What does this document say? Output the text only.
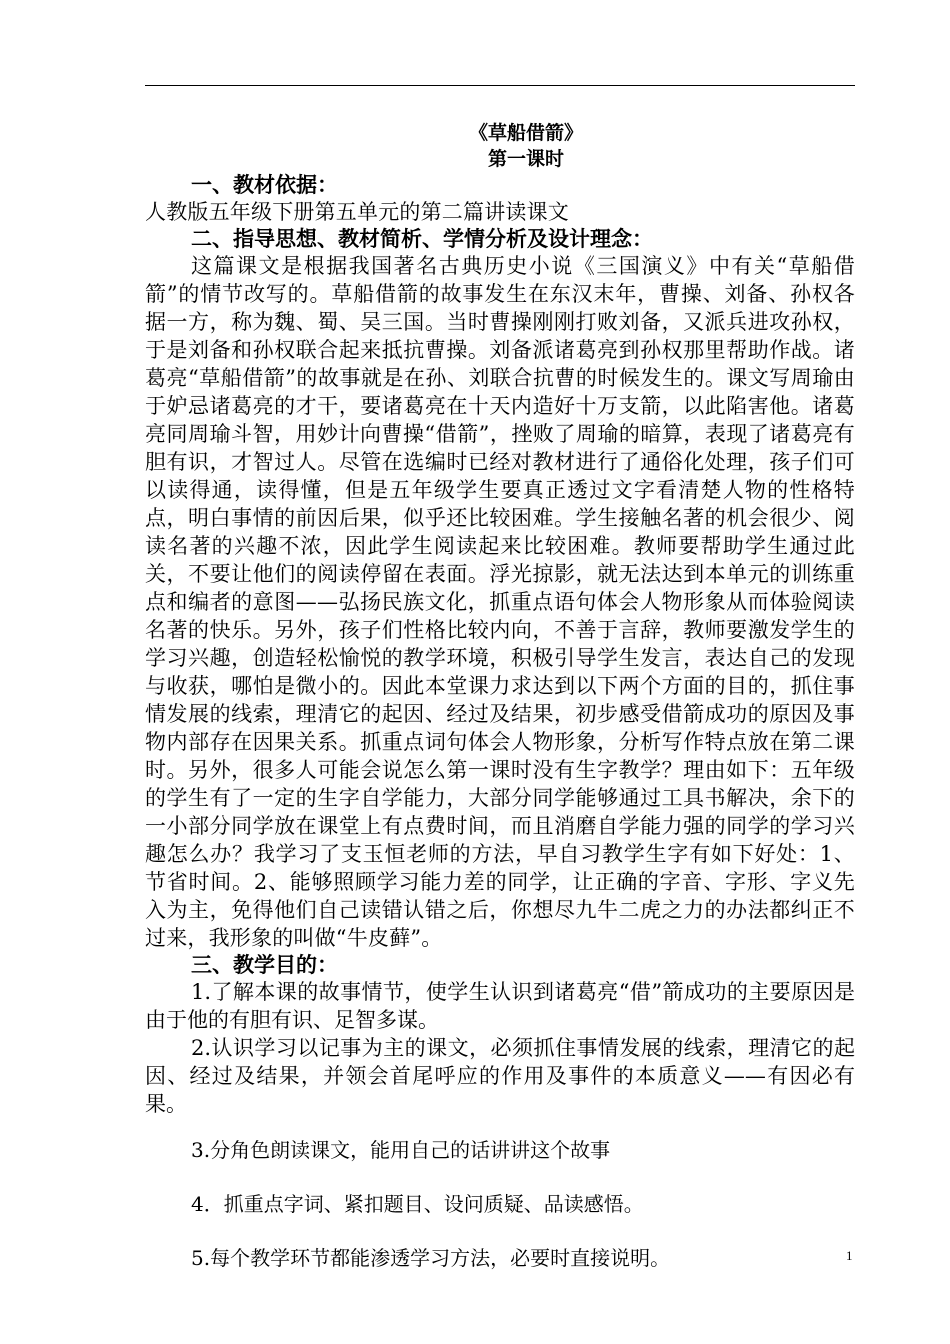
《草船借箭》

第一课时

一、教材依据：

人教版五年级下册第五单元的第二篇讲读课文

二、指导思想、教材简析、学情分析及设计理念：

这篇课文是根据我国著名古典历史小说《三国演义》中有关“草船借箭”的情节改写的。草船借箭的故事发生在东汉末年，曹操、刘备、孙权各据一方，称为魏、蜀、吴三国。当时曹操刚刚打败刘备，又派兵进攻孙权，于是刘备和孙权联合起来抵抗曹操。刘备派诸葛亮到孙权那里帮助作战。诸葛亮“草船借箭”的故事就是在孙、刘联合抗曹的时候发生的。课文写周瑜由于妒忌诸葛亮的才干，要诸葛亮在十天内造好十万支箭，以此陷害他。诸葛亮同周瑜斗智，用妙计向曹操“借箭”，挫败了周瑜的暗算，表现了诸葛亮有胆有识，才智过人。尽管在选编时已经对教材进行了通俗化处理，孩子们可以读得通，读得懂，但是五年级学生要真正透过文字看清楚人物的性格特点，明白事情的前因后果，似乎还比较困难。学生接触名著的机会很少、阅读名著的兴趣不浓，因此学生阅读起来比较困难。教师要帮助学生通过此关，不要让他们的阅读停留在表面。浮光掠影，就无法达到本单元的训练重点和编者的意图——弘扬民族文化，抓重点语句体会人物形象从而体验阅读名著的快乐。另外，孩子们性格比较内向，不善于言辞，教师要激发学生的学习兴趣，创造轻松愉悦的教学环境，积极引导学生发言，表达自己的发现与收获，哪怕是微小的。因此本堂课力求达到以下两个方面的目的，抓住事情发展的线索，理清它的起因、经过及结果，初步感受借箭成功的原因及事物内部存在因果关系。抓重点词句体会人物形象，分析写作特点放在第二课时。另外，很多人可能会说怎么第一课时没有生字教学？理由如下：五年级的学生有了一定的生字自学能力，大部分同学能够通过工具书解决，余下的一小部分同学放在课堂上有点费时间，而且消磨自学能力强的同学的学习兴趣怎么办？我学习了支玉恒老师的方法，早自习教学生字有如下好处：1、节省时间。2、能够照顾学习能力差的同学，让正确的字音、字形、字义先入为主，免得他们自己读错认错之后，你想尽九牛二虎之力的办法都纠正不过来，我形象的叫做“牛皮藓”。

三、教学目的：

1.了解本课的故事情节，使学生认识到诸葛亮“借”箭成功的主要原因是由于他的有胆有识、足智多谋。

2.认识学习以记事为主的课文，必须抓住事情发展的线索，理清它的起因、经过及结果，并领会首尾呼应的作用及事件的本质意义——有因必有果。

3.分角色朗读课文，能用自己的话讲讲这个故事

4．抓重点字词、紧扣题目、设问质疑、品读感悟。

5.每个教学环节都能渗透学习方法，必要时直接说明。	1
